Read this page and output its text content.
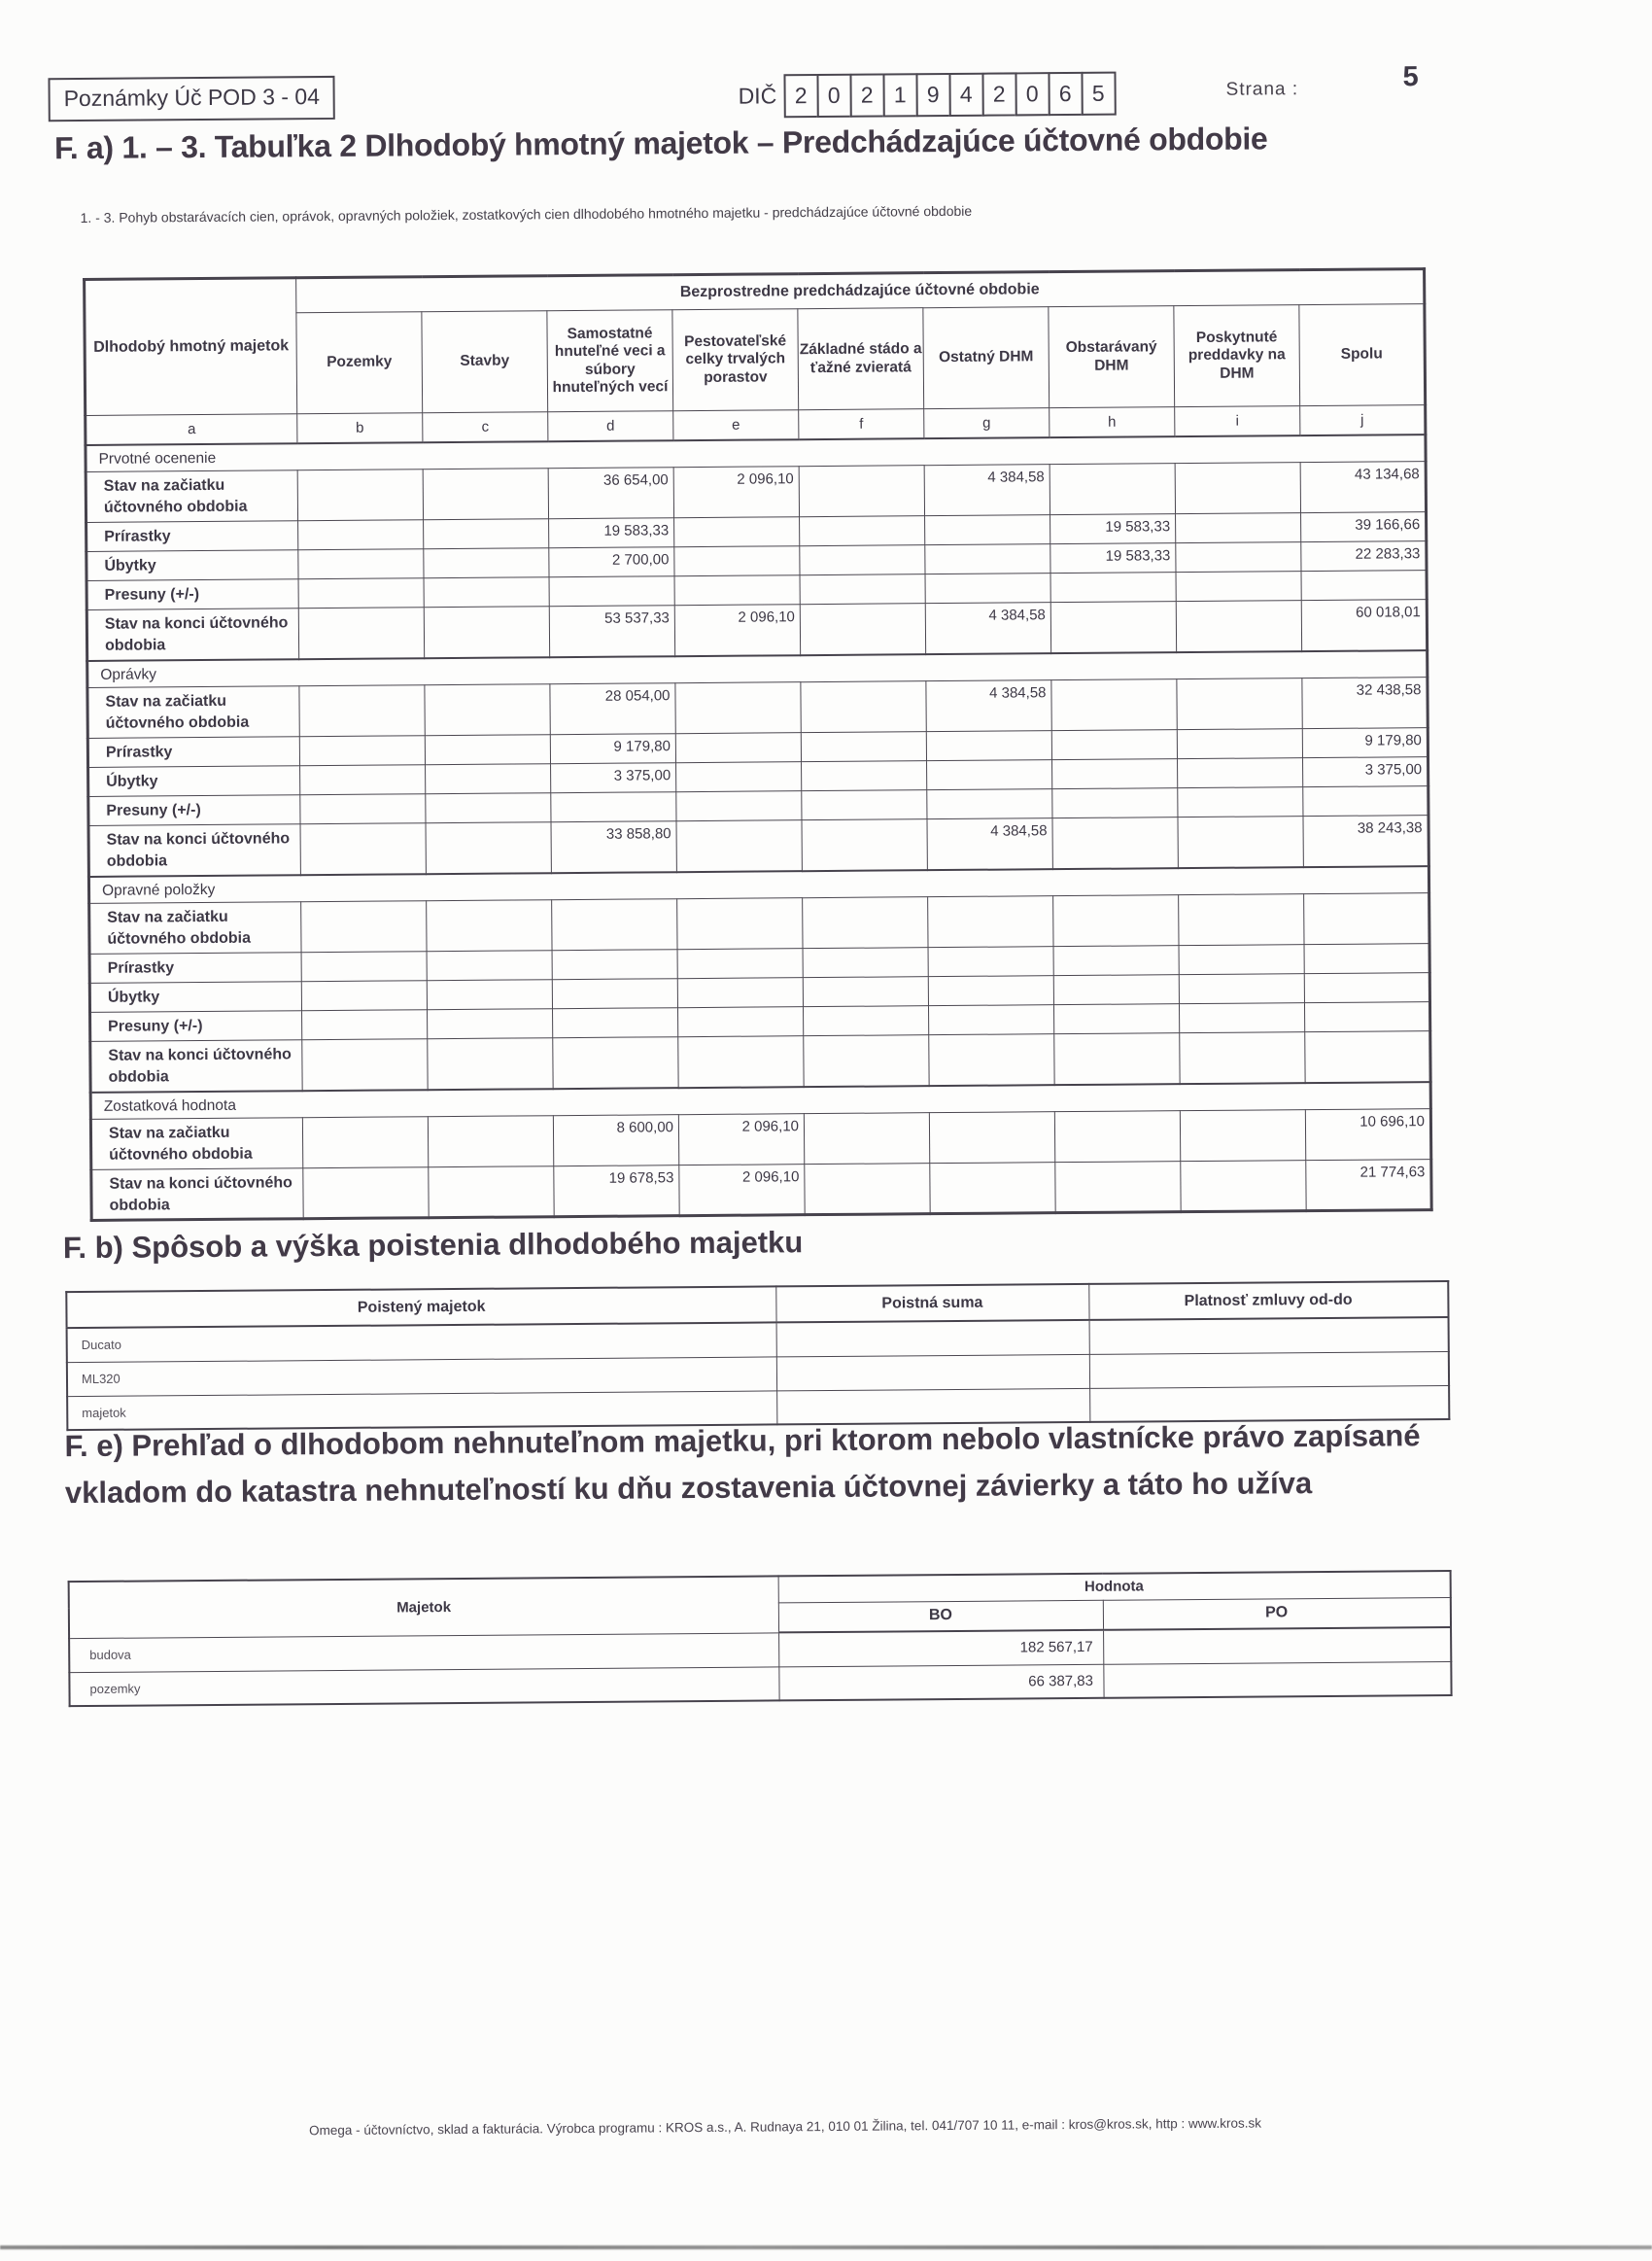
Poznámky Úč POD 3 - 04	DIČ 2 0 2 1 9 4 2 0 6 5	Strana :	5
F. a) 1. – 3. Tabuľka 2 Dlhodobý hmotný majetok – Predchádzajúce účtovné obdobie

1. - 3. Pohyb obstarávacích cien, oprávok, opravných položiek, zostatkových cien dlhodobého hmotného majetku - predchádzajúce účtovné obdobie

Dlhodobý hmotný majetok	Bezprostredne predchádzajúce účtovné obdobie								
	Pozemky	Stavby	Samostatné hnuteľné veci a súbory hnuteľných vecí	Pestovateľské celky trvalých porastov	Základné stádo a ťažné zvieratá	Ostatný DHM	Obstarávaný DHM	Poskytnuté preddavky na DHM	Spolu
a	b	c	d	e	f	g	h	i	j
Prvotné ocenenie									
Stav na začiatku účtovného obdobia			36 654,00	2 096,10		4 384,58			43 134,68
Prírastky			19 583,33				19 583,33		39 166,66
Úbytky			2 700,00				19 583,33		22 283,33
Presuny (+/-)									
Stav na konci účtovného obdobia			53 537,33	2 096,10		4 384,58			60 018,01
Oprávky									
Stav na začiatku účtovného obdobia			28 054,00			4 384,58			32 438,58
Prírastky			9 179,80						9 179,80
Úbytky			3 375,00						3 375,00
Presuny (+/-)									
Stav na konci účtovného obdobia			33 858,80			4 384,58			38 243,38
Opravné položky									
Stav na začiatku účtovného obdobia									
Prírastky									
Úbytky									
Presuny (+/-)									
Stav na konci účtovného obdobia									
Zostatková hodnota									
Stav na začiatku účtovného obdobia			8 600,00	2 096,10					10 696,10
Stav na konci účtovného obdobia			19 678,53	2 096,10					21 774,63
F. b) Spôsob a výška poistenia dlhodobého majetku
Poistený majetok	Poistná suma	Platnosť zmluvy od-do
Ducato		
ML320		
majetok		
F. e) Prehľad o dlhodobom nehnuteľnom majetku, pri ktorom nebolo vlastnícke právo zapísané vkladom do katastra nehnuteľností ku dňu zostavenia účtovnej závierky a táto ho užíva
Majetok	Hodnota	
	BO	PO
budova	182 567,17	
pozemky	66 387,83	
Omega - účtovníctvo, sklad a fakturácia. Výrobca programu : KROS a.s., A. Rudnaya 21, 010 01 Žilina, tel. 041/707 10 11, e-mail : kros@kros.sk, http : www.kros.sk
